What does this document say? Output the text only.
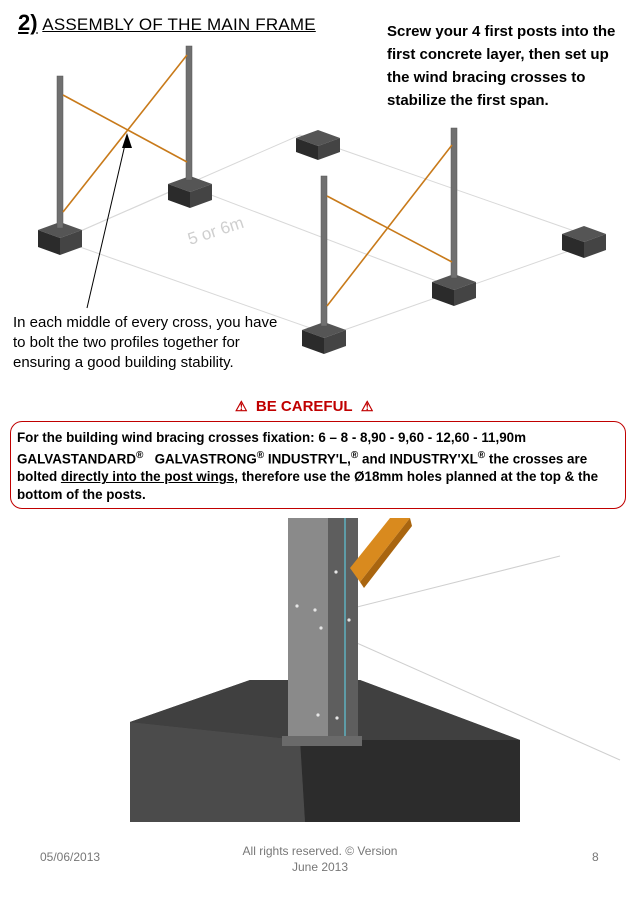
5 or 6m
2) ASSEMBLY OF THE MAIN FRAME	Screw your 4 first posts into the first concrete layer, then set up the wind bracing crosses to stabilize the first span.
In each middle of every cross, you have to bolt the two profiles together for ensuring a good building stability.
⚠ BE CAREFUL ⚠
For the building wind bracing crosses fixation: 6 – 8 - 8,90 - 9,60 - 12,60 - 11,90m
GALVASTANDARD® GALVASTRONG® INDUSTRY'L,® and INDUSTRY'XL® the crosses are bolted directly into the post wings, therefore use the Ø18mm holes planned at the top & the bottom of the posts.
05/06/2013	All rights reserved. © Version June 2013
8
